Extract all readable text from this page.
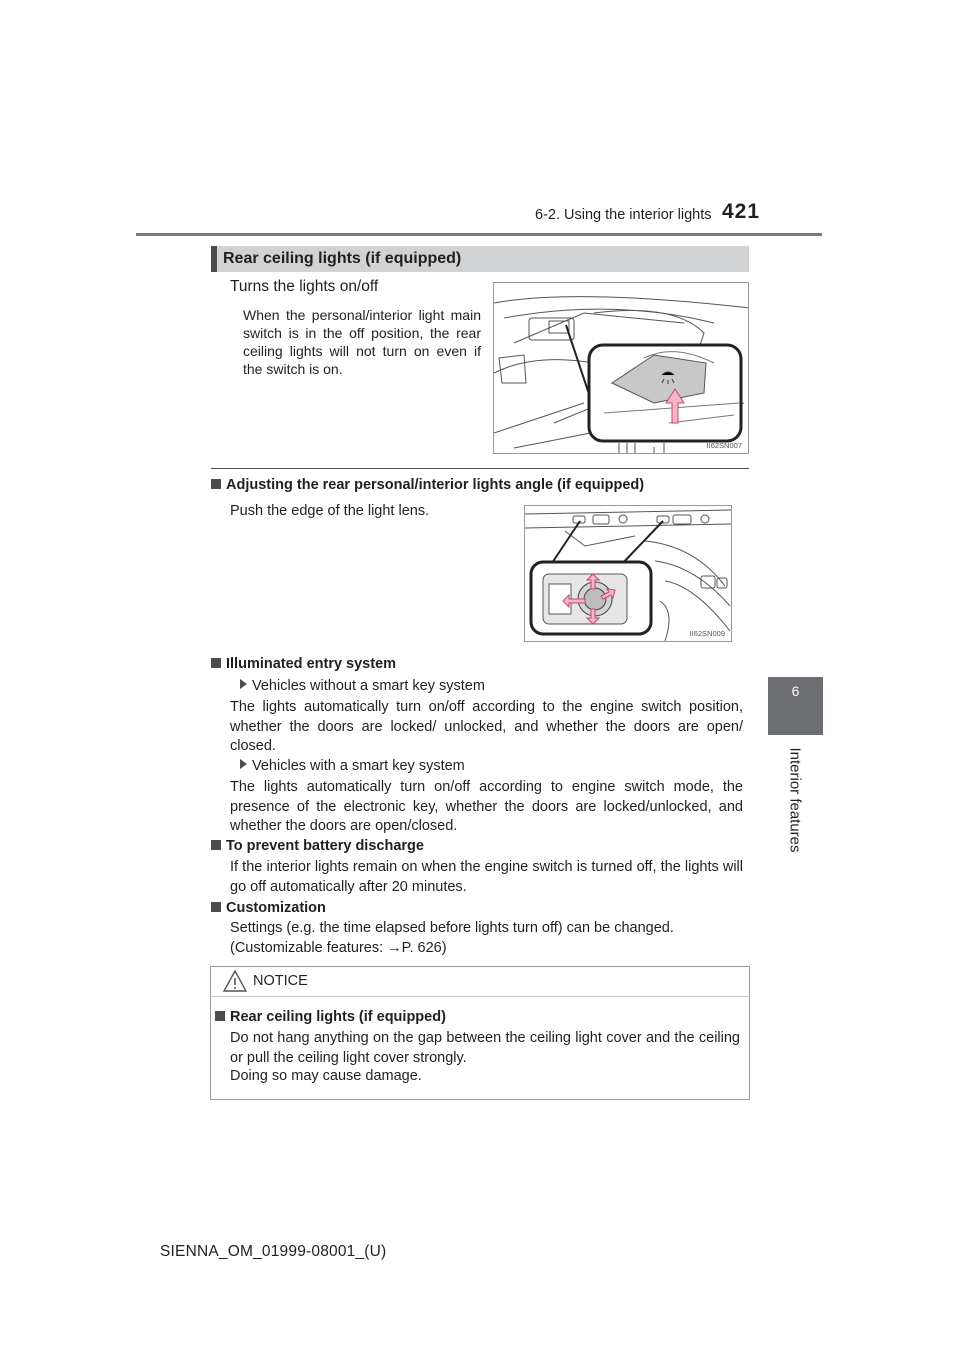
6-2. Using the interior lights 421
6
Interior features
Rear ceiling lights (if equipped)
Turns the lights on/off
When the personal/interior light main switch is in the off position, the rear ceiling lights will not turn on even if the switch is on.
II62SN007
Adjusting the rear personal/interior lights angle (if equipped)
Push the edge of the light lens.
II62SN009
Illuminated entry system
Vehicles without a smart key system
The lights automatically turn on/off according to the engine switch position, whether the doors are locked/ unlocked, and whether the doors are open/ closed.
Vehicles with a smart key system
The lights automatically turn on/off according to engine switch mode, the presence of the electronic key, whether the doors are locked/unlocked, and whether the doors are open/closed.
To prevent battery discharge
If the interior lights remain on when the engine switch is turned off, the lights will go off automatically after 20 minutes.
Customization
Settings (e.g. the time elapsed before lights turn off) can be changed.
(Customizable features: →P. 626)
NOTICE
Rear ceiling lights (if equipped)
Do not hang anything on the gap between the ceiling light cover and the ceiling or pull the ceiling light cover strongly.
Doing so may cause damage.
SIENNA_OM_01999-08001_(U)
